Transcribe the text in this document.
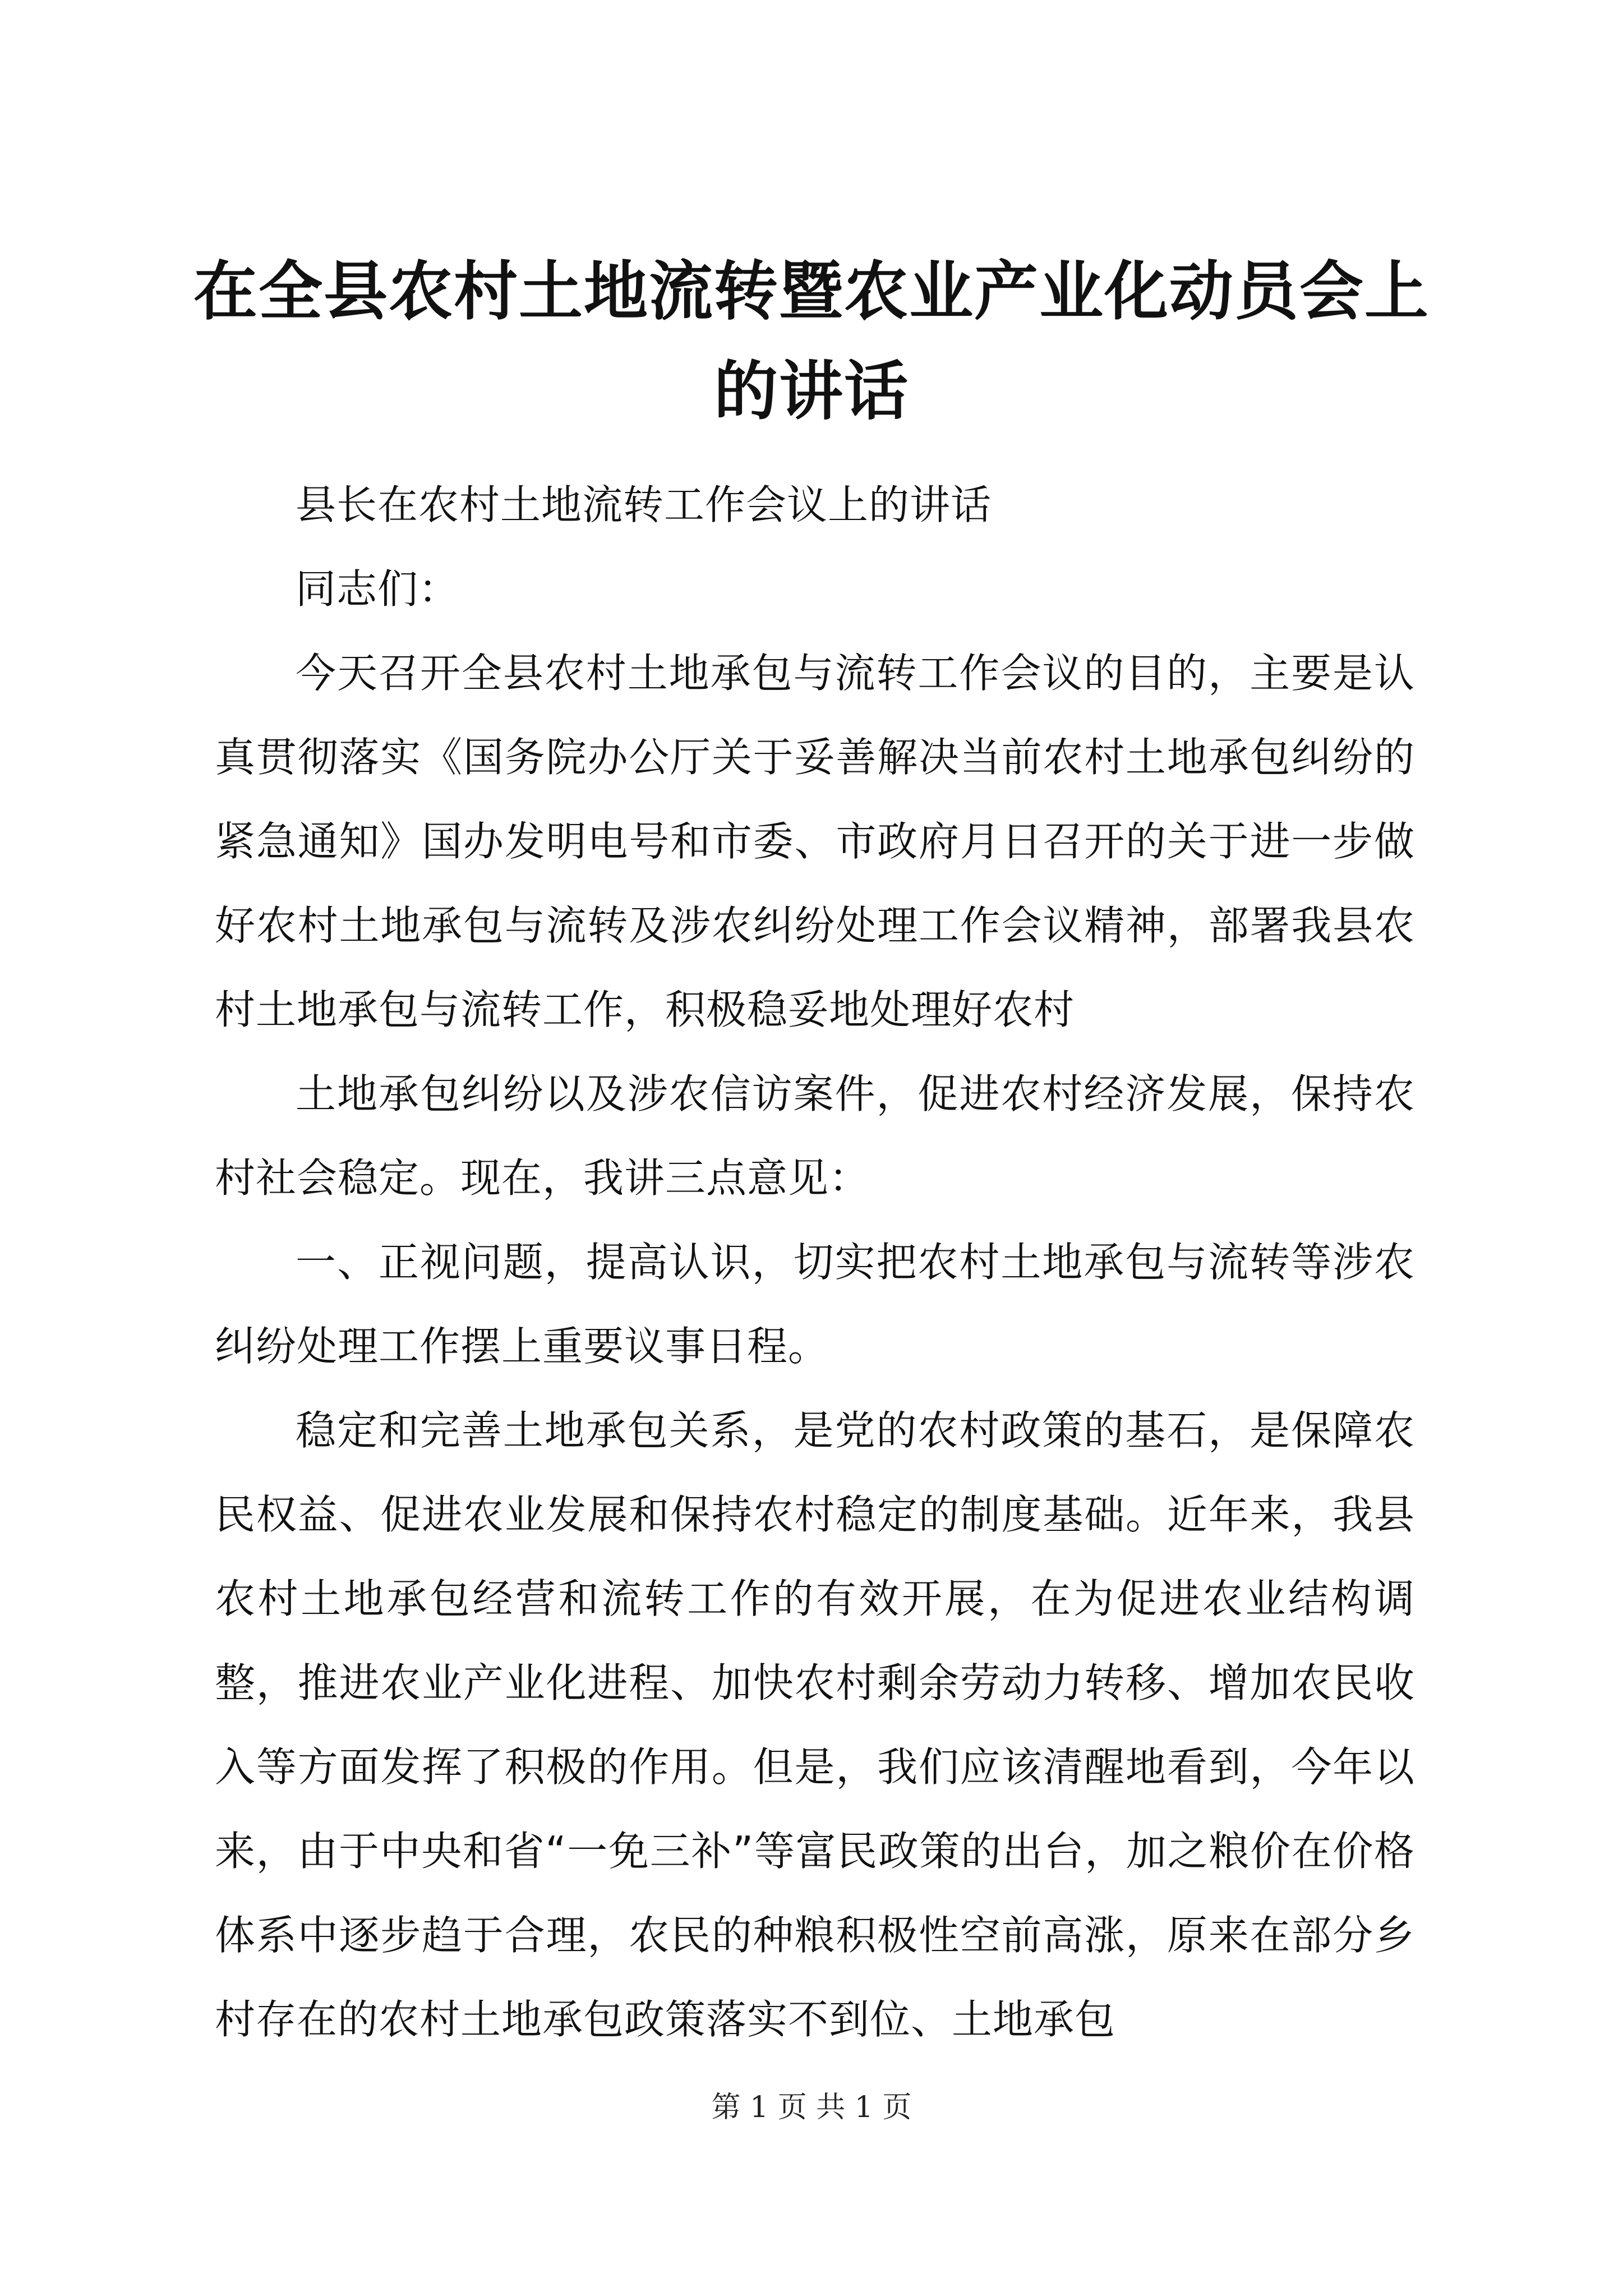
在全县农村土地流转暨农业产业化动员会上的讲话

县长在农村土地流转工作会议上的讲话

同志们：

今天召开全县农村土地承包与流转工作会议的目的，主要是认真贯彻落实《国务院办公厅关于妥善解决当前农村土地承包纠纷的紧急通知》国办发明电号和市委、市政府月日召开的关于进一步做好农村土地承包与流转及涉农纠纷处理工作会议精神，部署我县农村土地承包与流转工作，积极稳妥地处理好农村

土地承包纠纷以及涉农信访案件，促进农村经济发展，保持农村社会稳定。现在，我讲三点意见：

一、正视问题，提高认识，切实把农村土地承包与流转等涉农纠纷处理工作摆上重要议事日程。

稳定和完善土地承包关系，是党的农村政策的基石，是保障农民权益、促进农业发展和保持农村稳定的制度基础。近年来，我县农村土地承包经营和流转工作的有效开展，在为促进农业结构调整，推进农业产业化进程、加快农村剩余劳动力转移、增加农民收入等方面发挥了积极的作用。但是，我们应该清醒地看到，今年以来，由于中央和省“一免三补”等富民政策的出台，加之粮价在价格体系中逐步趋于合理，农民的种粮积极性空前高涨，原来在部分乡村存在的农村土地承包政策落实不到位、土地承包

第 1 页 共 1 页
